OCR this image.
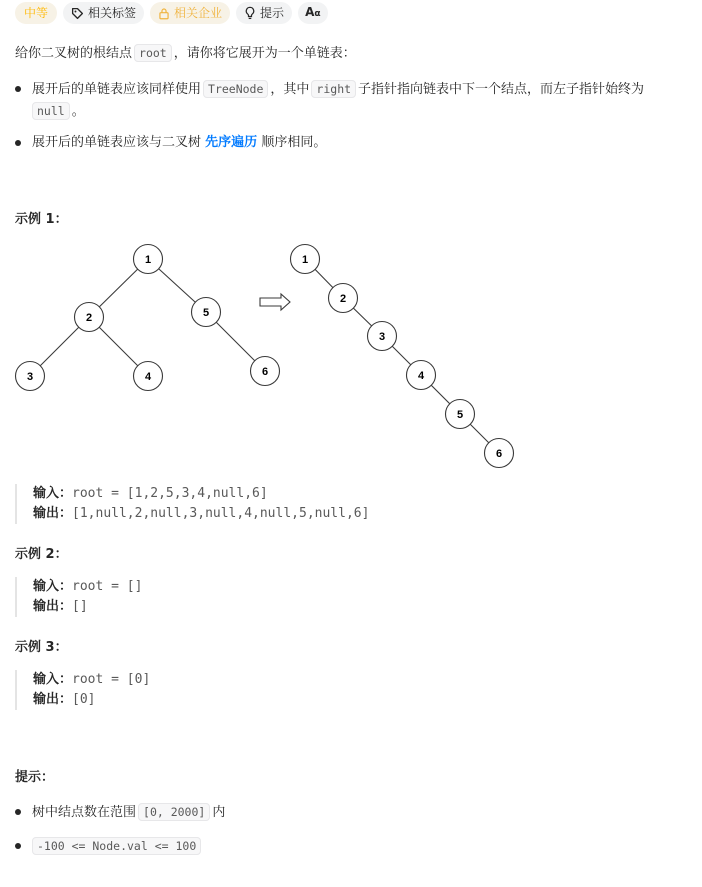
中等	相关标签	相关企业	提示 Aα
给你二叉树的根结点 root ，请你将它展开为一个单链表：
展开后的单链表应该同样使用 TreeNode ，其中 right 子指针指向链表中下一个结点，而左子指针始终为
null 。
展开后的单链表应该与二叉树 先序遍历 顺序相同。
示例 1：
1
2	5
3	4	6
1
2
3
4
5
6
输入：root = [1,2,5,3,4,null,6]
输出：[1,null,2,null,3,null,4,null,5,null,6]
示例 2：
输入：root = []
输出：[]
示例 3：
输入：root = [0]
输出：[0]
提示：
树中结点数在范围 [0, 2000] 内
-100 <= Node.val <= 100
